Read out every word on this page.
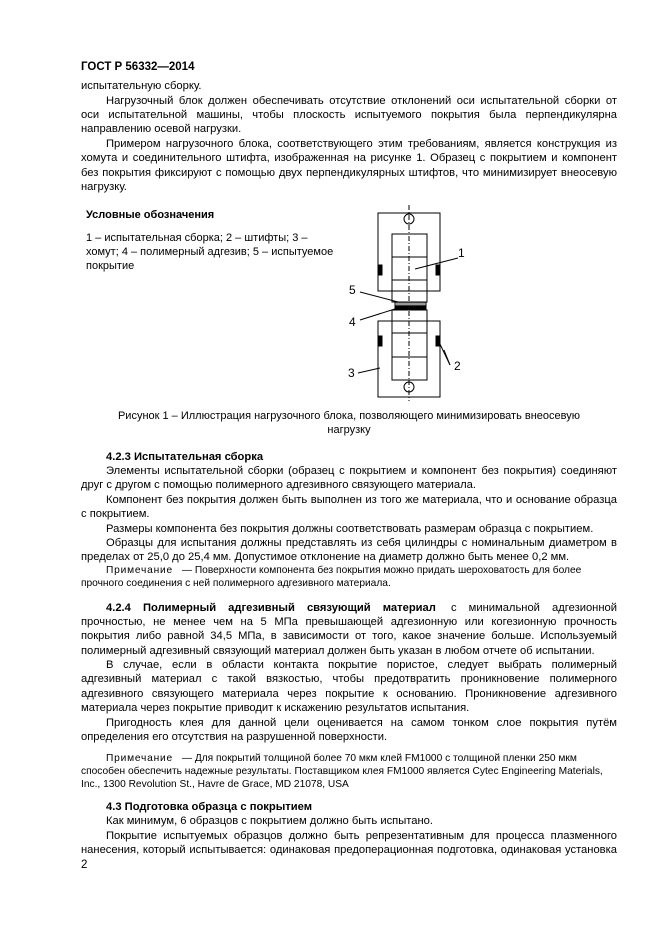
ГОСТ Р 56332—2014
испытательную сборку.
Нагрузочный блок должен обеспечивать отсутствие отклонений оси испытательной сборки от
оси испытательной машины, чтобы плоскость испытуемого покрытия была перпендикулярна
направлению осевой нагрузки.
Примером нагрузочного блока, соответствующего этим требованиям, является конструкция из
хомута и соединительного штифта, изображенная на рисунке 1. Образец с покрытием и компонент
без покрытия фиксируют с помощью двух перпендикулярных штифтов, что минимизирует внеосевую
нагрузку.
Условные обозначения
1 – испытательная сборка; 2 – штифты; 3 –
хомут; 4 – полимерный адгезив; 5 – испытуемое
покрытие
1
5
4
3	2
Рисунок 1 – Иллюстрация нагрузочного блока, позволяющего минимизировать внеосевую
нагрузку
4.2.3 Испытательная сборка
Элементы испытательной сборки (образец с покрытием и компонент без покрытия) соединяют
друг с другом с помощью полимерного адгезивного связующего материала.
Компонент без покрытия должен быть выполнен из того же материала, что и основание образца
с покрытием.
Размеры компонента без покрытия должны соответствовать размерам образца с покрытием.
Образцы для испытания должны представлять из себя цилиндры с номинальным диаметром в
пределах от 25,0 до 25,4 мм. Допустимое отклонение на диаметр должно быть менее 0,2 мм.
Примечание — Поверхности компонента без покрытия можно придать шероховатость для более
прочного соединения с ней полимерного адгезивного материала.
4.2.4 Полимерный адгезивный связующий материал с минимальной адгезионной
прочностью, не менее чем на 5 МПа превышающей адгезионную или когезионную прочность
покрытия либо равной 34,5 МПа, в зависимости от того, какое значение больше. Используемый
полимерный адгезивный связующий материал должен быть указан в любом отчете об испытании.
В случае, если в области контакта покрытие пористое, следует выбрать полимерный
адгезивный материал с такой вязкостью, чтобы предотвратить проникновение полимерного
адгезивного связующего материала через покрытие к основанию. Проникновение адгезивного
материала через покрытие приводит к искажению результатов испытания.
Пригодность клея для данной цели оценивается на самом тонком слое покрытия путём
определения его отсутствия на разрушенной поверхности.
Примечание — Для покрытий толщиной более 70 мкм клей FM1000 с толщиной пленки 250 мкм
способен обеспечить надежные результаты. Поставщиком клея FM1000 является Cytec Engineering Materials,
Inc., 1300 Revolution St., Havre de Grace, MD 21078, USA
4.3 Подготовка образца с покрытием
Как минимум, 6 образцов с покрытием должно быть испытано.
Покрытие испытуемых образцов должно быть репрезентативным для процесса плазменного
нанесения, который испытывается: одинаковая предоперационная подготовка, одинаковая установка
2
